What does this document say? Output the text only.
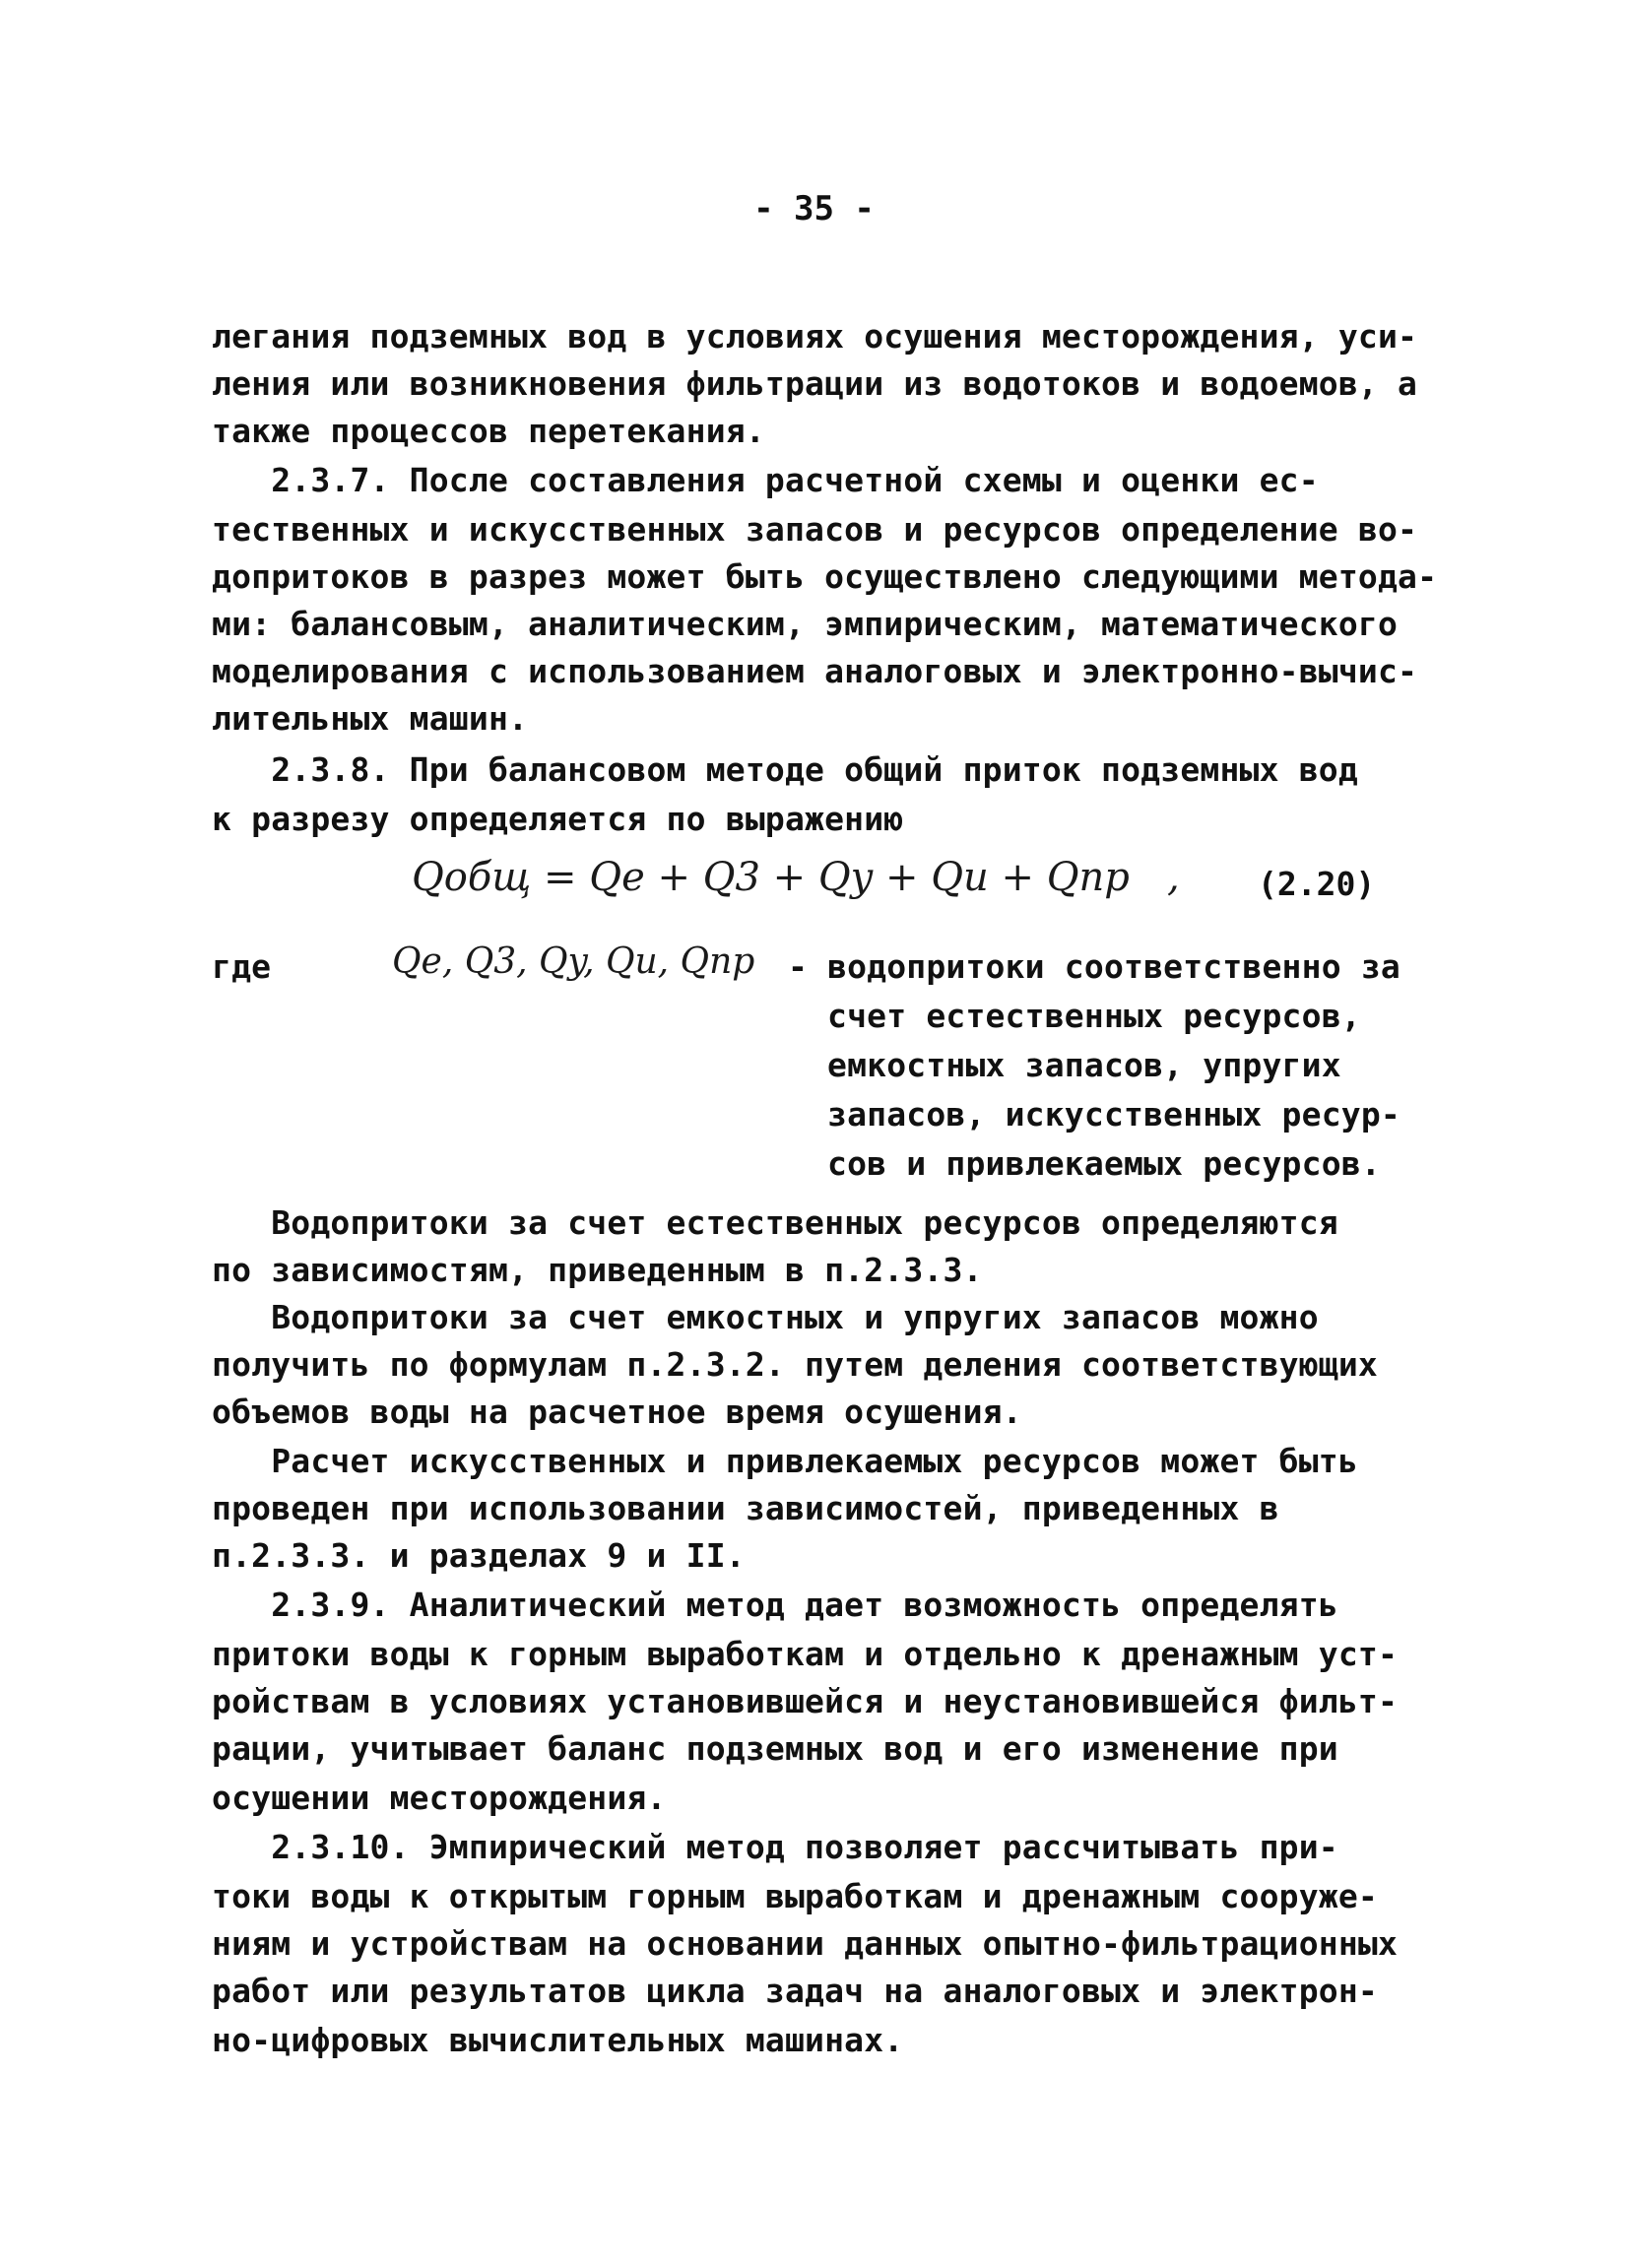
- 35 -
легания подземных вод в условиях осушения месторождения, уси-
ления или возникновения фильтрации из водотоков и водоемов, а
также процессов перетекания.
2.3.7. После составления расчетной схемы и оценки ес-
тественных и искусственных запасов и ресурсов определение во-
допритоков в разрез может быть осуществлено следующими метода-
ми: балансовым, аналитическим, эмпирическим, математического
моделирования с использованием аналоговых и электронно-вычис-
лительных машин.
2.3.8. При балансовом методе общий приток подземных вод
к разрезу определяется по выражению
Qобщ = Qe + Q3 + Qy + Qu + Qпр   , (2.20)
где	Qe, Q3, Qy, Qu, Qпр - водопритоки соответственно за
счет естественных ресурсов,
емкостных запасов, упругих
запасов, искусственных ресур-
сов и привлекаемых ресурсов.
Водопритоки за счет естественных ресурсов определяются
по зависимостям, приведенным в п.2.3.3.
Водопритоки за счет емкостных и упругих запасов можно
получить по формулам п.2.3.2. путем деления соответствующих
объемов воды на расчетное время осушения.
Расчет искусственных и привлекаемых ресурсов может быть
проведен при использовании зависимостей, приведенных в
п.2.3.3. и разделах 9 и II.
2.3.9. Аналитический метод дает возможность определять
притоки воды к горным выработкам и отдельно к дренажным уст-
ройствам в условиях установившейся и неустановившейся фильт-
рации, учитывает баланс подземных вод и его изменение при
осушении месторождения.
2.3.10. Эмпирический метод позволяет рассчитывать при-
токи воды к открытым горным выработкам и дренажным сооруже-
ниям и устройствам на основании данных опытно-фильтрационных
работ или результатов цикла задач на аналоговых и электрон-
но-цифровых вычислительных машинах.
